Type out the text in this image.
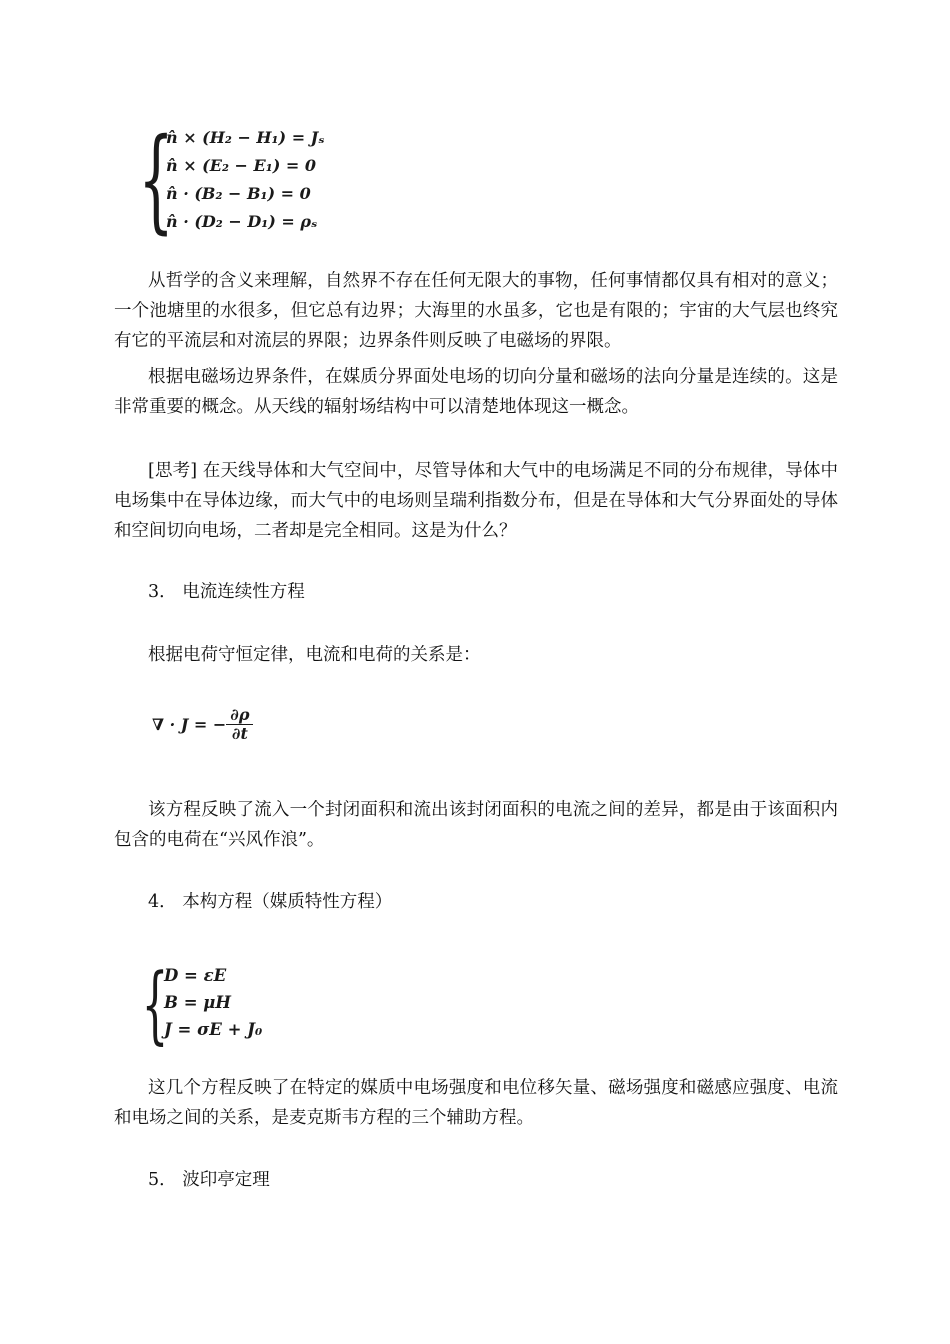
{
n̂ × (H₂ − H₁) = Jₛ
n̂ × (E₂ − E₁) = 0
n̂ · (B₂ − B₁) = 0
n̂ · (D₂ − D₁) = ρₛ

从哲学的含义来理解，自然界不存在任何无限大的事物，任何事情都仅具有相对的意义；一个池塘里的水很多，但它总有边界；大海里的水虽多，它也是有限的；宇宙的大气层也终究有它的平流层和对流层的界限；边界条件则反映了电磁场的界限。

根据电磁场边界条件，在媒质分界面处电场的切向分量和磁场的法向分量是连续的。这是非常重要的概念。从天线的辐射场结构中可以清楚地体现这一概念。

[思考] 在天线导体和大气空间中，尽管导体和大气中的电场满足不同的分布规律，导体中电场集中在导体边缘，而大气中的电场则呈瑞利指数分布，但是在导体和大气分界面处的导体和空间切向电场，二者却是完全相同。这是为什么？

3． 电流连续性方程

根据电荷守恒定律，电流和电荷的关系是：

∇ · J = − $\frac{\partial\rho}{\partial t}$

该方程反映了流入一个封闭面积和流出该封闭面积的电流之间的差异，都是由于该面积内包含的电荷在“兴风作浪”。

4． 本构方程（媒质特性方程）

{
D = εE
B = μH
J = σE + J₀

这几个方程反映了在特定的媒质中电场强度和电位移矢量、磁场强度和磁感应强度、电流和电场之间的关系，是麦克斯韦方程的三个辅助方程。

5． 波印亭定理
